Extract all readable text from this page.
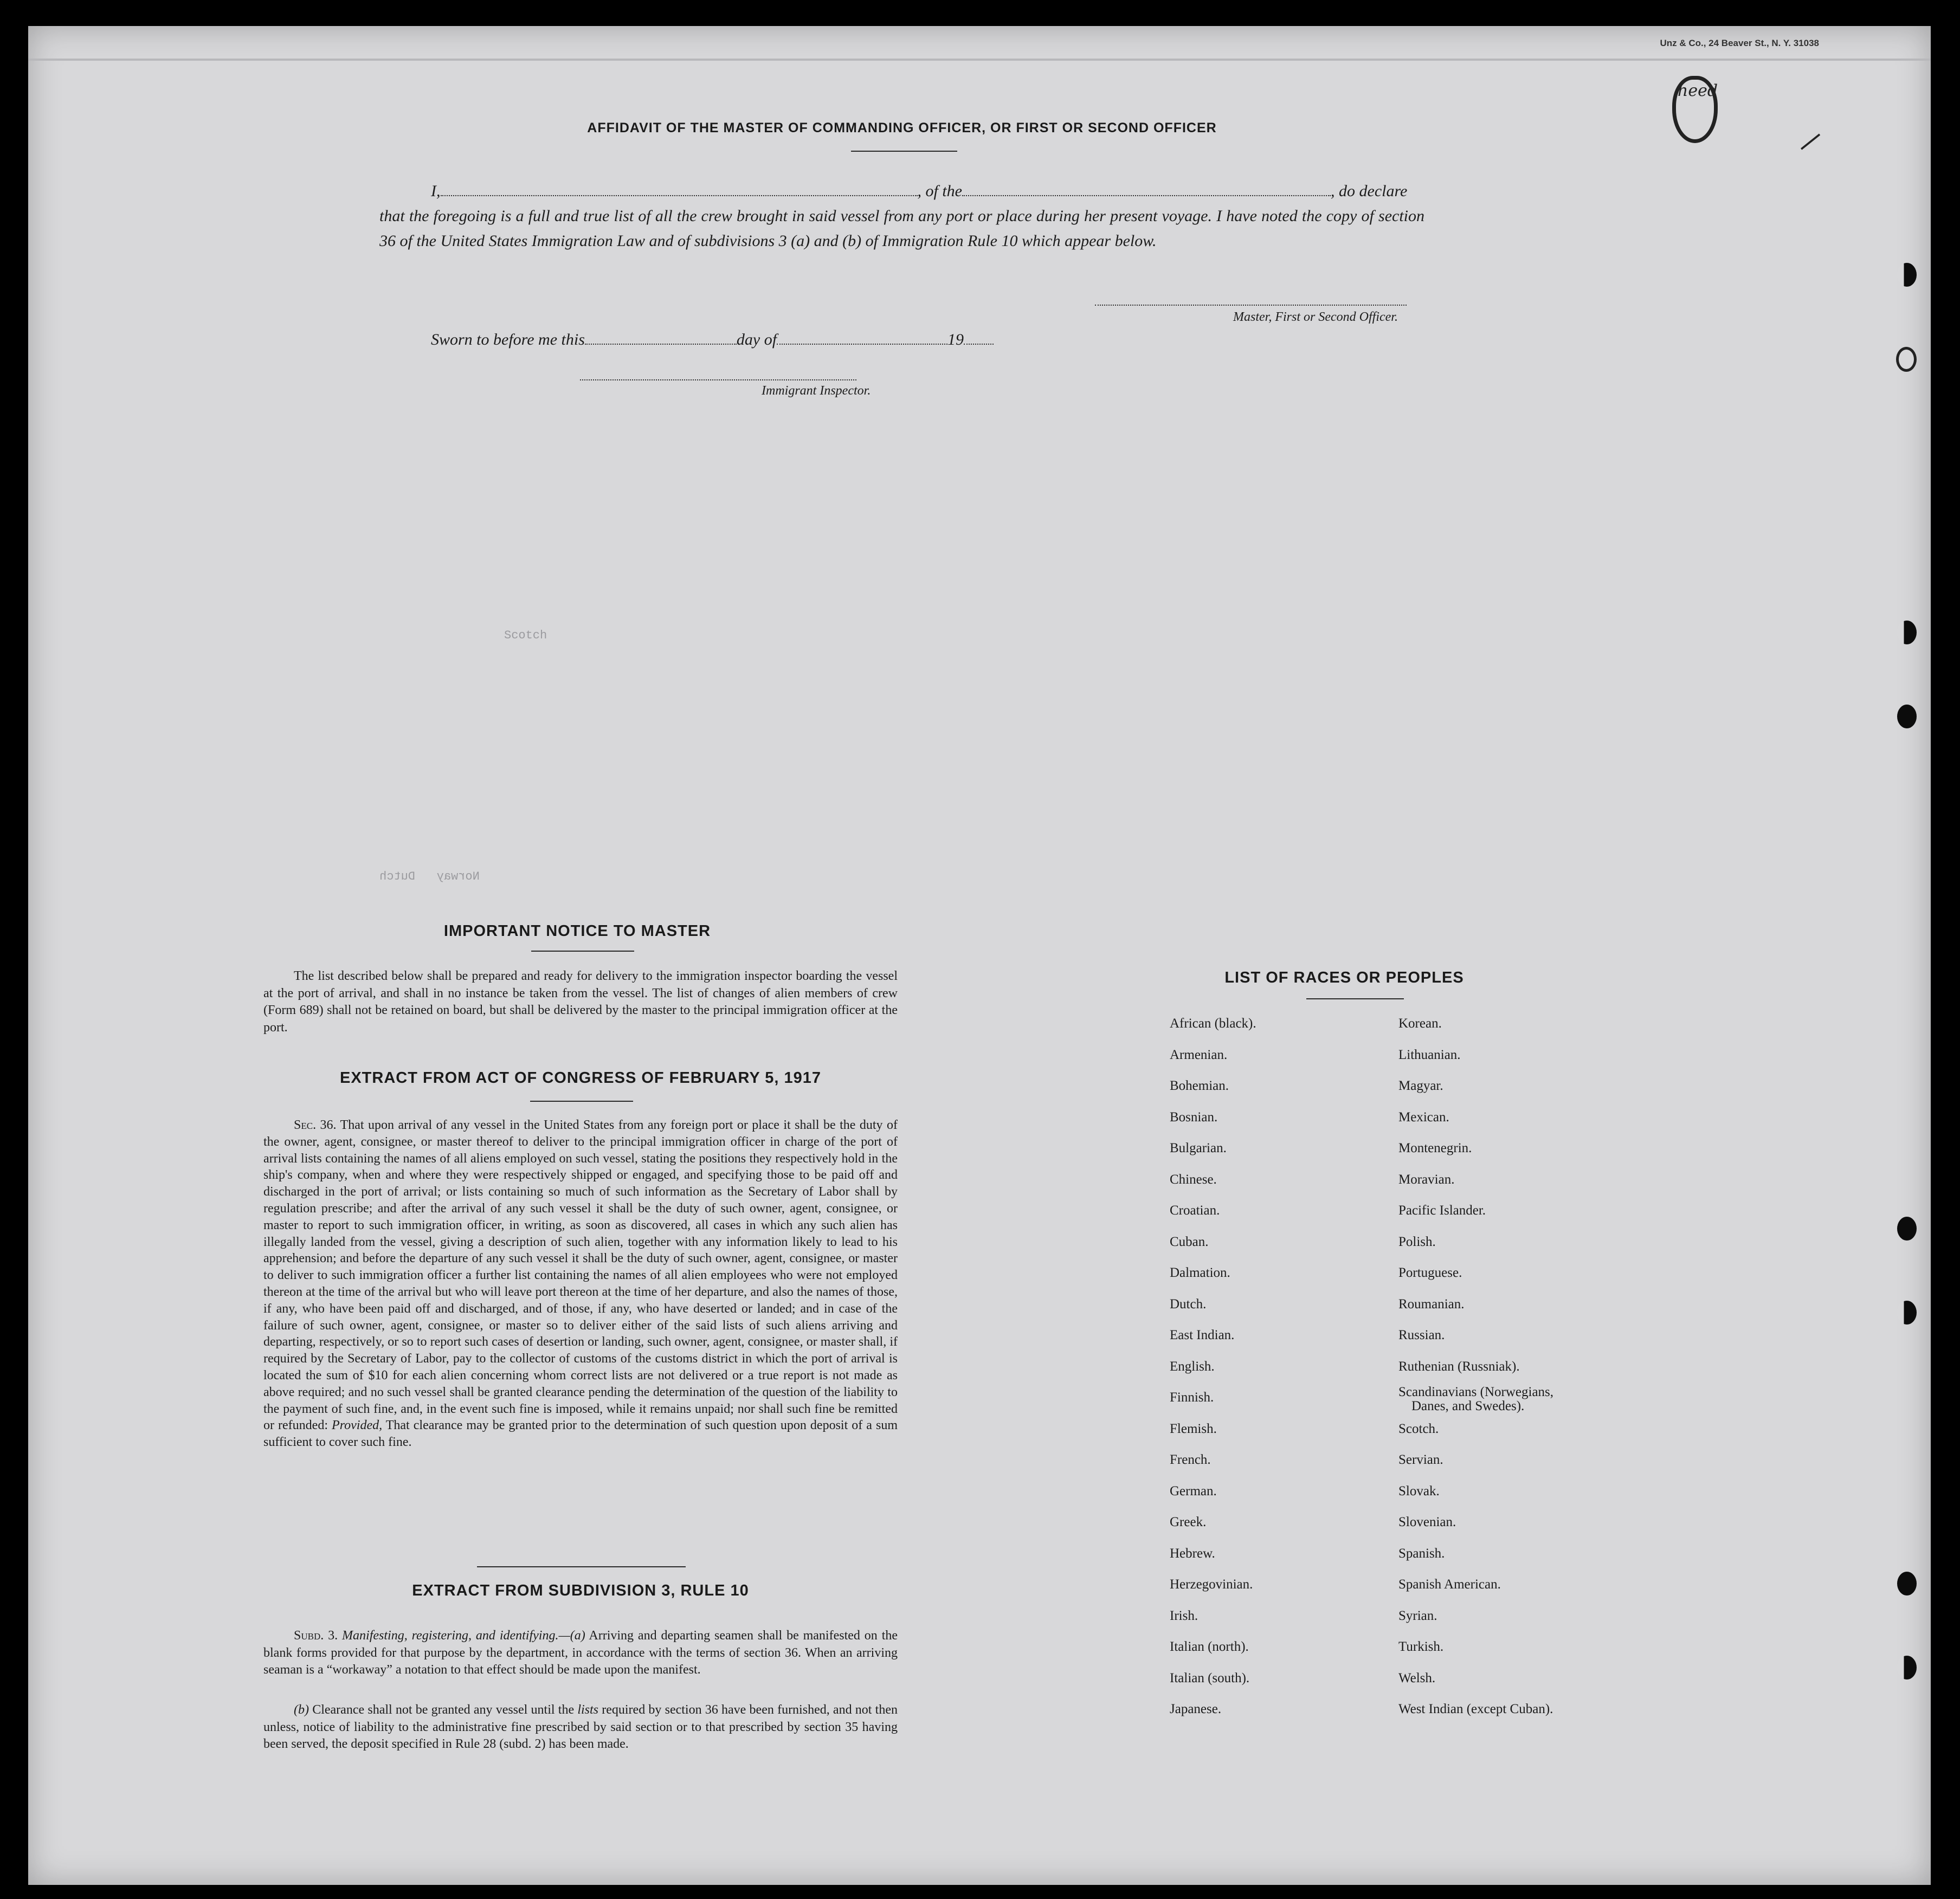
Unz & Co., 24 Beaver St., N. Y. 31038
heed
⸝
Scotch
Norway   Dutch
AFFIDAVIT OF THE MASTER OF COMMANDING OFFICER, OR FIRST OR SECOND OFFICER
I,	, of the	, do declare
that the foregoing is a full and true list of all the crew brought in said vessel from any port or place during her present voyage. I have noted the copy of section 36 of the United States Immigration Law and of subdivisions 3 (a) and (b) of Immigration Rule 10 which appear below.
Master, First or Second Officer.
Sworn to before me this	day of	19
Immigrant Inspector.
IMPORTANT NOTICE TO MASTER
The list described below shall be prepared and ready for delivery to the immigration inspector boarding the vessel at the port of arrival, and shall in no instance be taken from the vessel. The list of changes of alien members of crew (Form 689) shall not be retained on board, but shall be delivered by the master to the principal immigration officer at the port.
EXTRACT FROM ACT OF CONGRESS OF FEBRUARY 5, 1917
Sec. 36. That upon arrival of any vessel in the United States from any foreign port or place it shall be the duty of the owner, agent, consignee, or master thereof to deliver to the principal immigration officer in charge of the port of arrival lists containing the names of all aliens employed on such vessel, stating the positions they respectively hold in the ship's company, when and where they were respectively shipped or engaged, and specifying those to be paid off and discharged in the port of arrival; or lists containing so much of such information as the Secretary of Labor shall by regulation prescribe; and after the arrival of any such vessel it shall be the duty of such owner, agent, consignee, or master to report to such immigration officer, in writing, as soon as discovered, all cases in which any such alien has illegally landed from the vessel, giving a description of such alien, together with any information likely to lead to his apprehension; and before the departure of any such vessel it shall be the duty of such owner, agent, consignee, or master to deliver to such immigration officer a further list containing the names of all alien employees who were not employed thereon at the time of the arrival but who will leave port thereon at the time of her departure, and also the names of those, if any, who have been paid off and discharged, and of those, if any, who have deserted or landed; and in case of the failure of such owner, agent, consignee, or master so to deliver either of the said lists of such aliens arriving and departing, respectively, or so to report such cases of desertion or landing, such owner, agent, consignee, or master shall, if required by the Secretary of Labor, pay to the collector of customs of the customs district in which the port of arrival is located the sum of $10 for each alien concerning whom correct lists are not delivered or a true report is not made as above required; and no such vessel shall be granted clearance pending the determination of the question of the liability to the payment of such fine, and, in the event such fine is imposed, while it remains unpaid; nor shall such fine be remitted or refunded: Provided, That clearance may be granted prior to the determination of such question upon deposit of a sum sufficient to cover such fine.
EXTRACT FROM SUBDIVISION 3, RULE 10
Subd. 3. Manifesting, registering, and identifying.—(a) Arriving and departing seamen shall be manifested on the blank forms provided for that purpose by the department, in accordance with the terms of section 36. When an arriving seaman is a “workaway” a notation to that effect should be made upon the manifest.
(b) Clearance shall not be granted any vessel until the lists required by section 36 have been furnished, and not then unless, notice of liability to the administrative fine prescribed by said section or to that prescribed by section 35 having been served, the deposit specified in Rule 28 (subd. 2) has been made.
LIST OF RACES OR PEOPLES
African (black).
Armenian.
Bohemian.
Bosnian.
Bulgarian.
Chinese.
Croatian.
Cuban.
Dalmation.
Dutch.
East Indian.
English.
Finnish.
Flemish.
French.
German.
Greek.
Hebrew.
Herzegovinian.
Irish.
Italian (north).
Italian (south).
Japanese.
Korean.
Lithuanian.
Magyar.
Mexican.
Montenegrin.
Moravian.
Pacific Islander.
Polish.
Portuguese.
Roumanian.
Russian.
Ruthenian (Russniak).
Scandinavians (Norwegians,
Danes, and Swedes).
Scotch.
Servian.
Slovak.
Slovenian.
Spanish.
Spanish American.
Syrian.
Turkish.
Welsh.
West Indian (except Cuban).
